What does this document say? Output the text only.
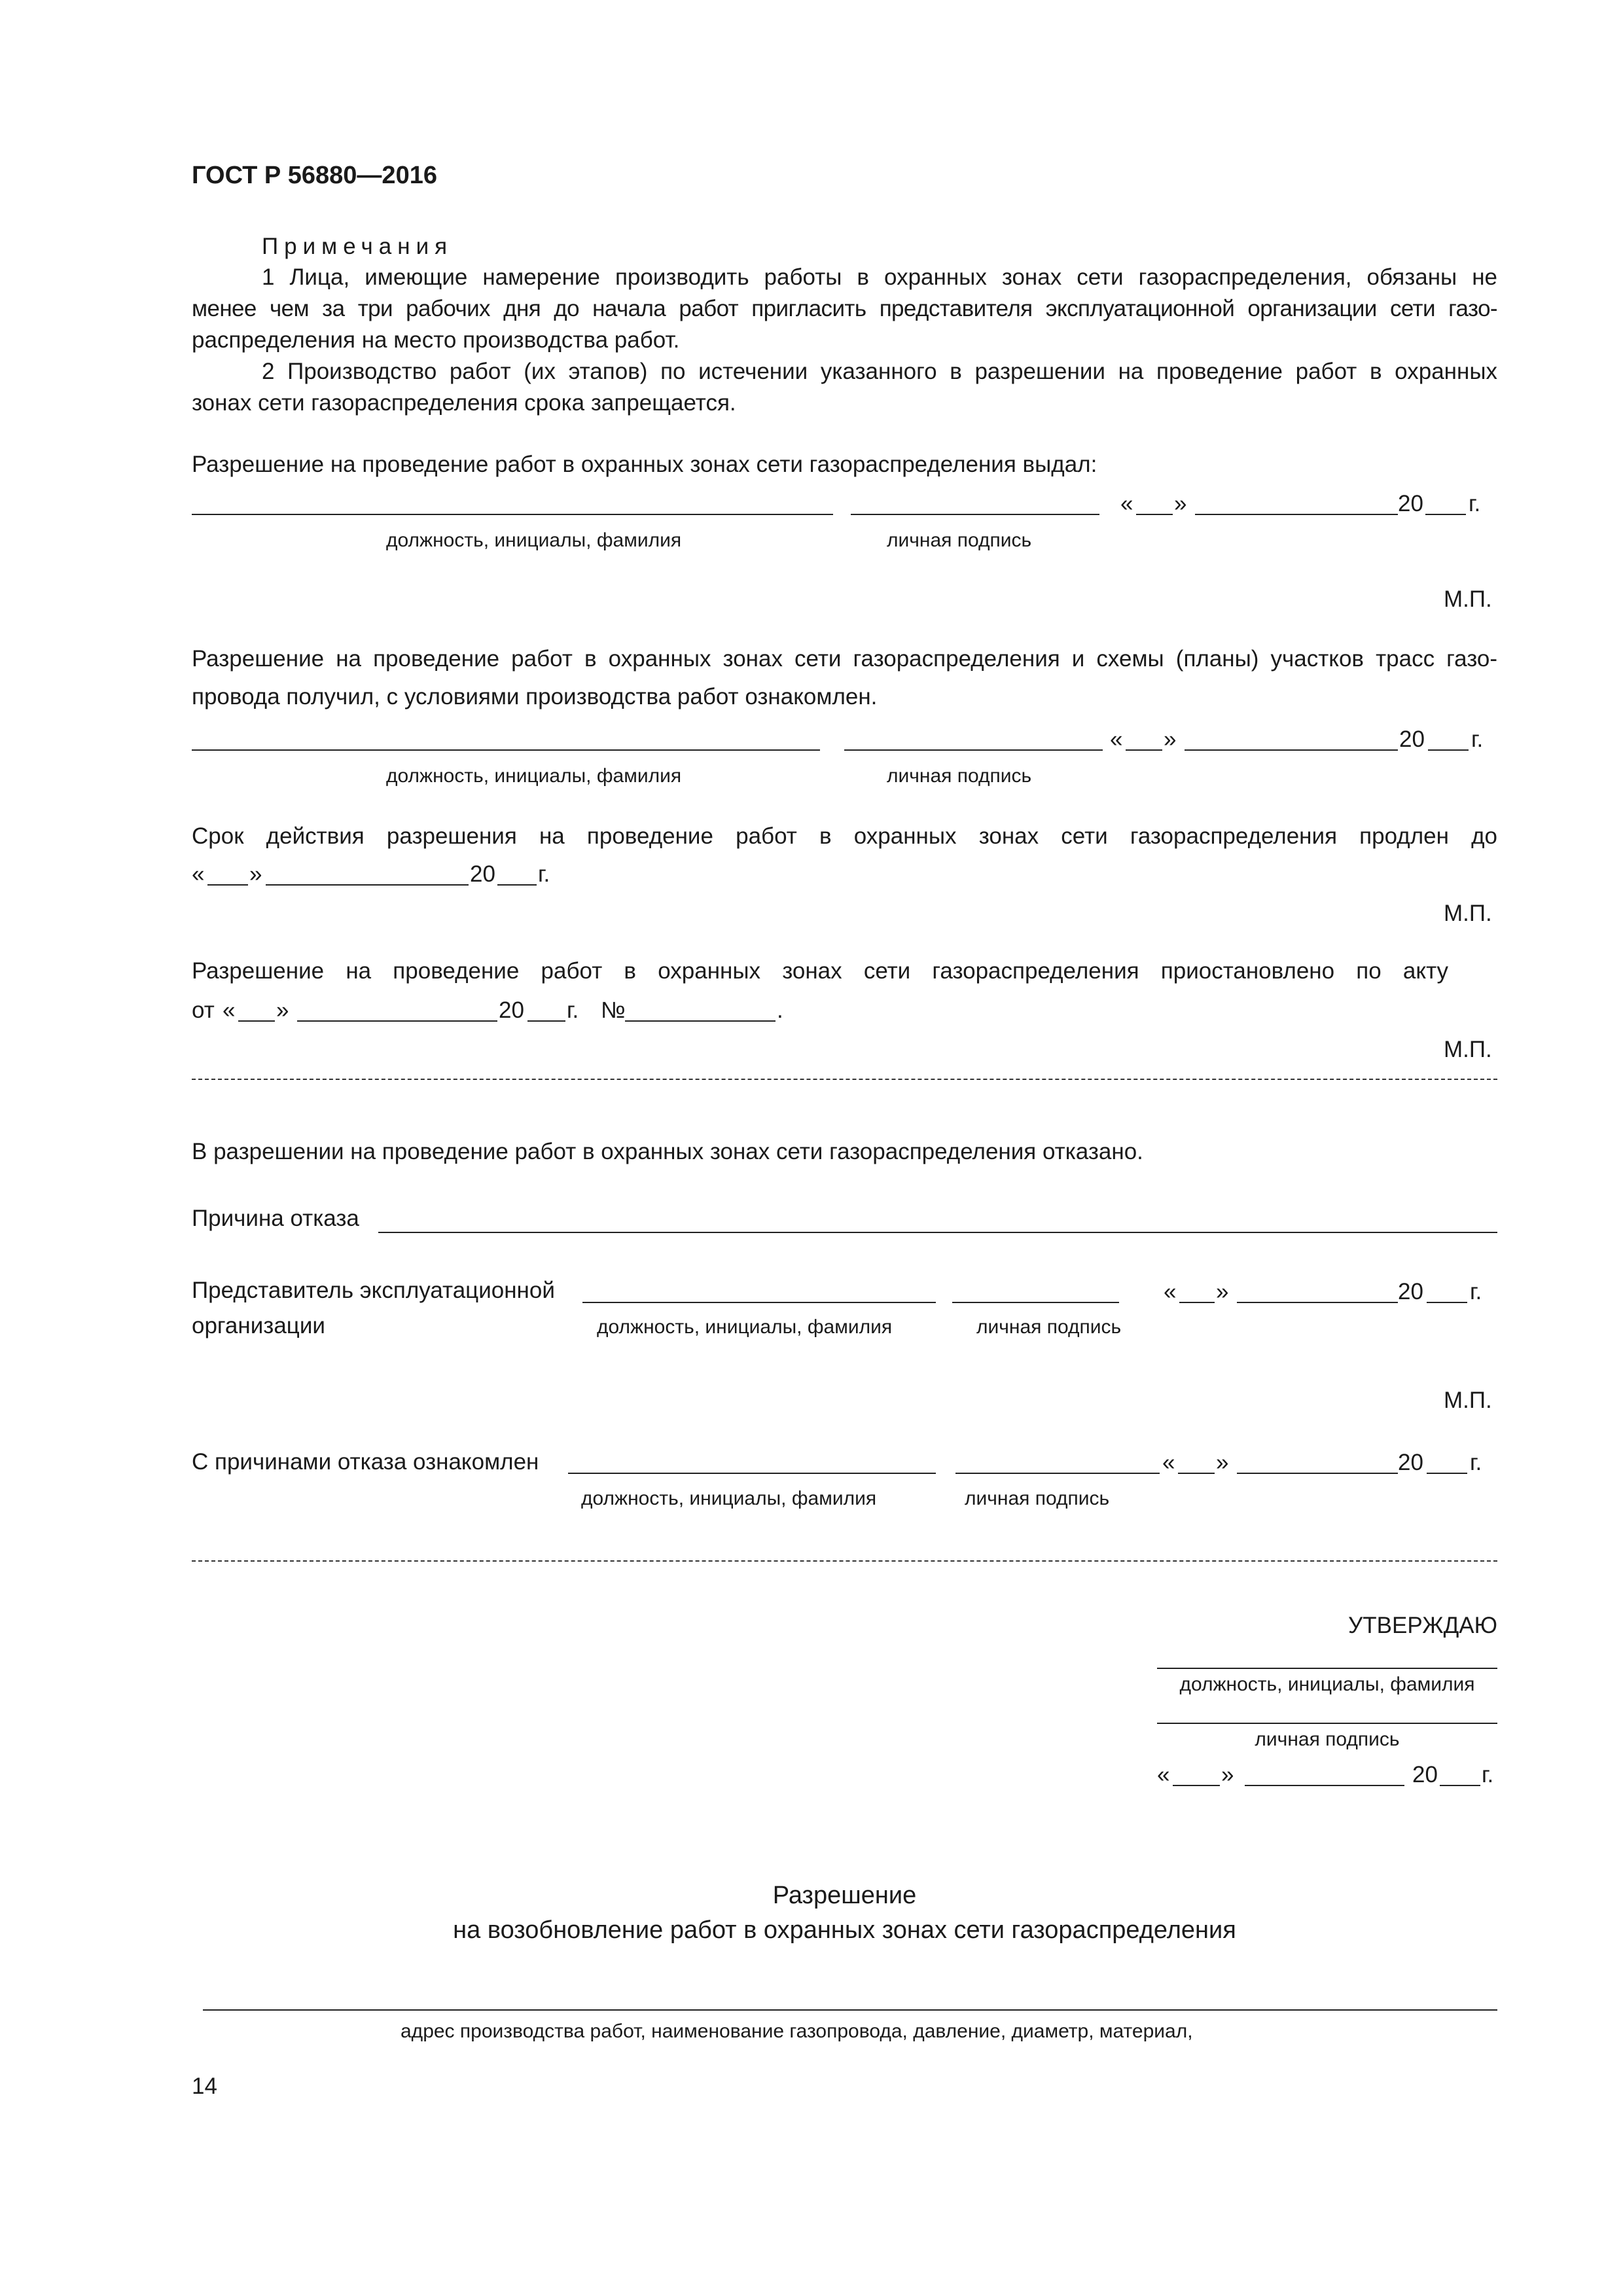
ГОСТ Р 56880—2016
Примечания
1 Лица, имеющие намерение производить работы в охранных зонах сети газораспределения, обязаны не
менее чем за три рабочих дня до начала работ пригласить представителя эксплуатационной организации сети газо-
распределения на место производства работ.
2 Производство работ (их этапов) по истечении указанного в разрешении на проведение работ в охранных
зонах сети газораспределения срока запрещается.
Разрешение на проведение работ в охранных зонах сети газораспределения выдал:
« »	20 г.
должность, инициалы, фамилия	личная подпись
М.П.
Разрешение на проведение работ в охранных зонах сети газораспределения и схемы (планы) участков трасс газо-
провода получил, с условиями производства работ ознакомлен.
« »	20 г.
должность, инициалы, фамилия	личная подпись
Срок действия разрешения на проведение работ в охранных зонах сети газораспределения продлен до
« »	20 г.
М.П.
Разрешение на проведение работ в охранных зонах сети газораспределения приостановлено по акту
от « »	20 г. №	.
М.П.
В разрешении на проведение работ в охранных зонах сети газораспределения отказано.
Причина отказа
Представитель эксплуатационной
организации
« »	20 г.
должность, инициалы, фамилия	личная подпись
М.П.
С причинами отказа ознакомлен	« »	20 г.
должность, инициалы, фамилия	личная подпись
УТВЕРЖДАЮ
должность, инициалы, фамилия
личная подпись
« »	20 г.
Разрешение
на возобновление работ в охранных зонах сети газораспределения
адрес производства работ, наименование газопровода, давление, диаметр, материал,
14
